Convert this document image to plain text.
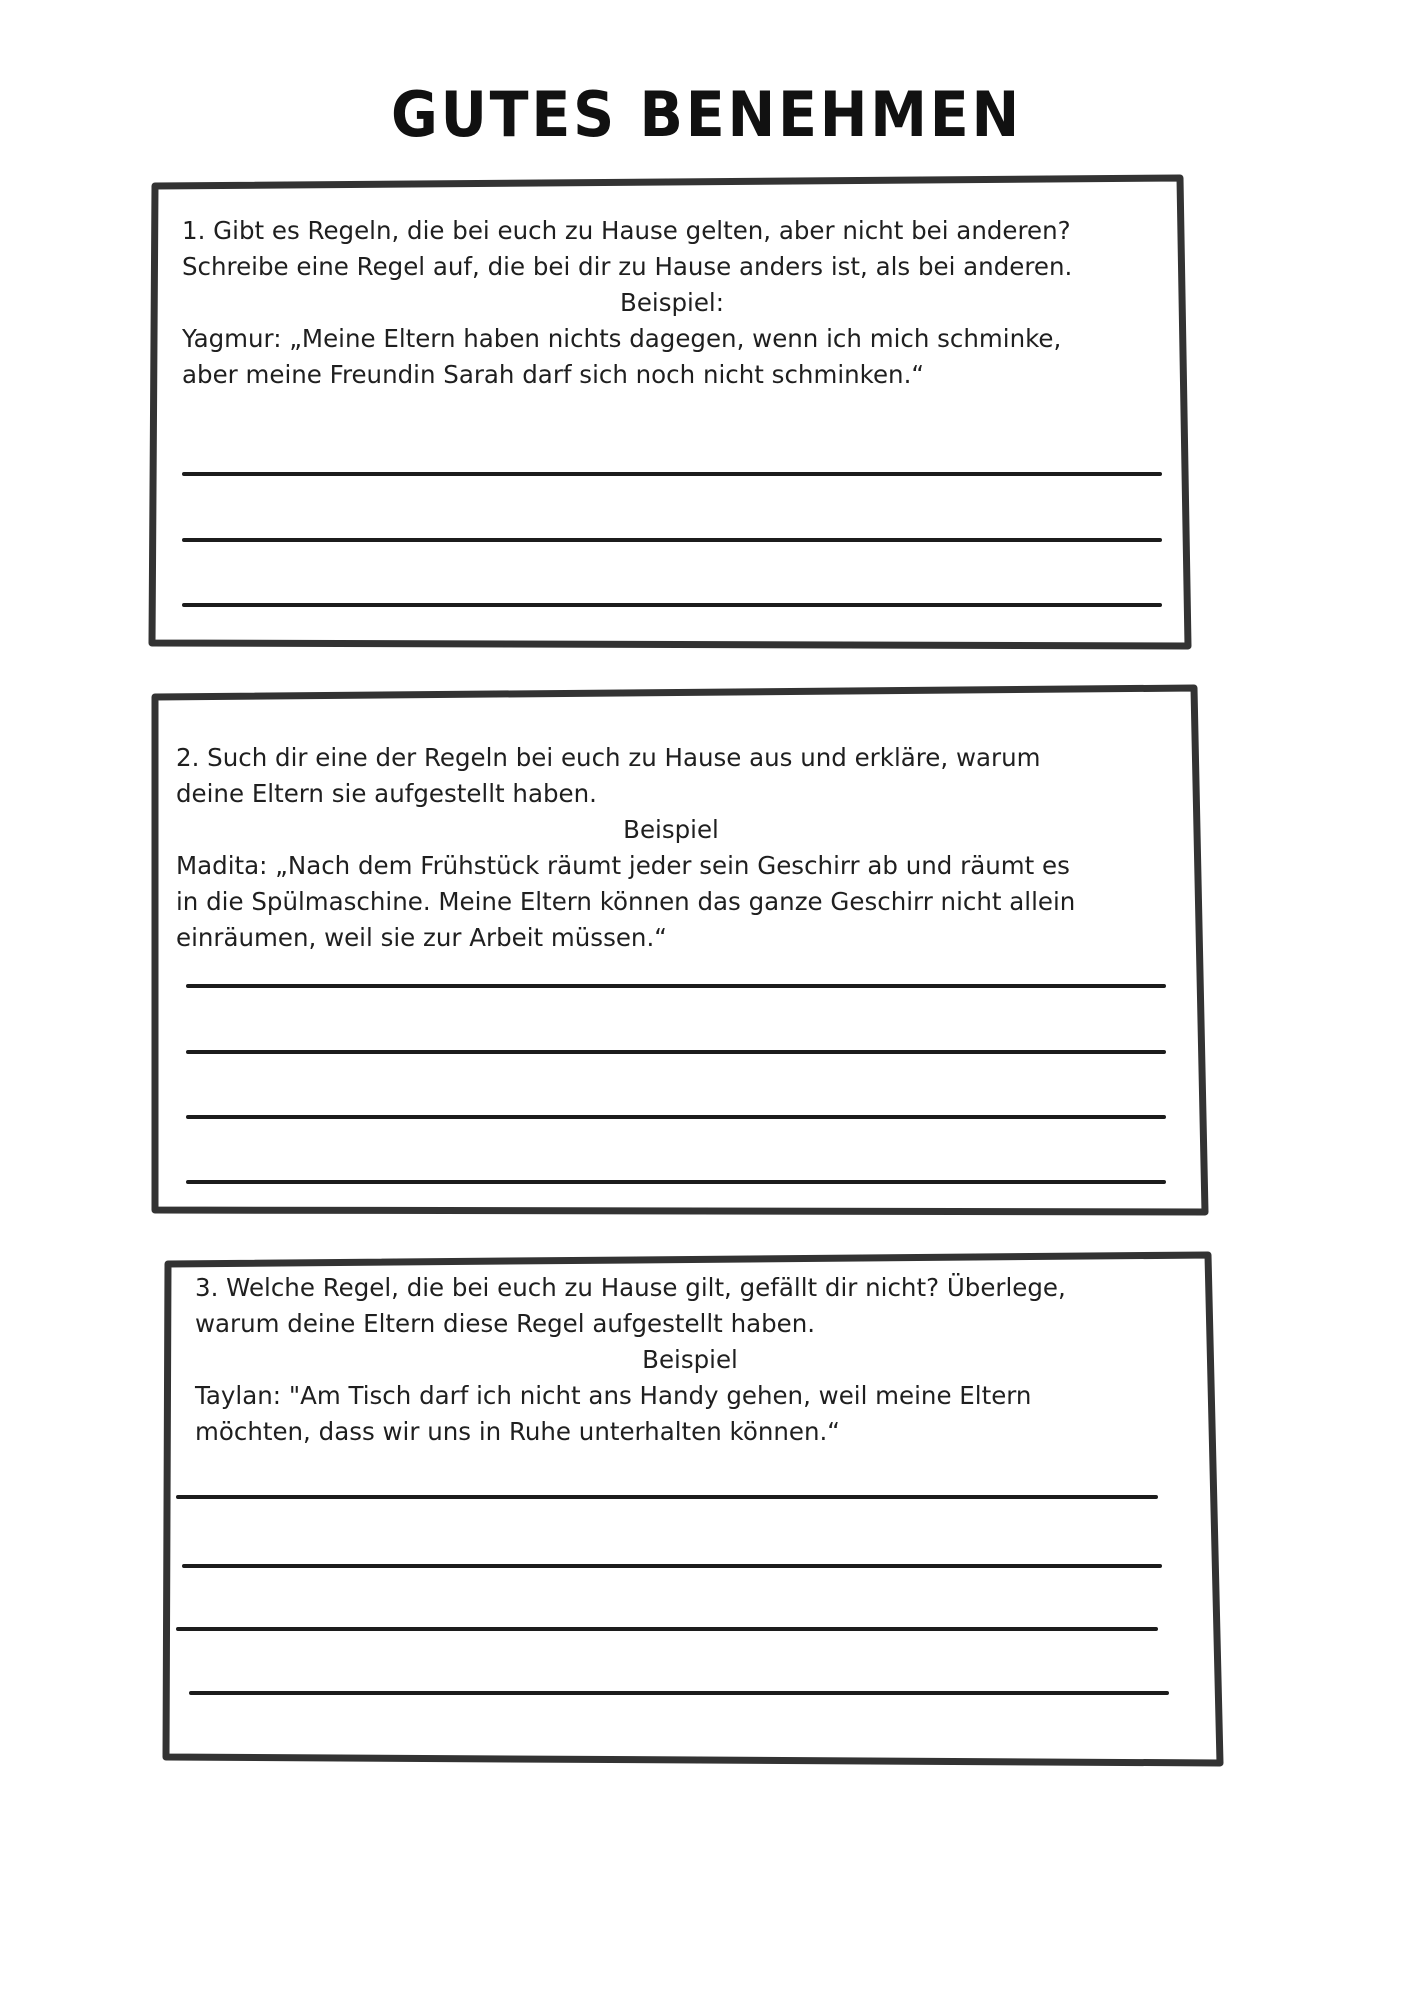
GUTES BENEHMEN
1. Gibt es Regeln, die bei euch zu Hause gelten, aber nicht bei anderen?
Schreibe eine Regel auf, die bei dir zu Hause anders ist, als bei anderen.
Beispiel:
Yagmur: „Meine Eltern haben nichts dagegen, wenn ich mich schminke,
aber meine Freundin Sarah darf sich noch nicht schminken.“
2. Such dir eine der Regeln bei euch zu Hause aus und erkläre, warum
deine Eltern sie aufgestellt haben.
Beispiel
Madita: „Nach dem Frühstück räumt jeder sein Geschirr ab und räumt es
in die Spülmaschine. Meine Eltern können das ganze Geschirr nicht allein
einräumen, weil sie zur Arbeit müssen.“
3. Welche Regel, die bei euch zu Hause gilt, gefällt dir nicht? Überlege,
warum deine Eltern diese Regel aufgestellt haben.
Beispiel
Taylan: "Am Tisch darf ich nicht ans Handy gehen, weil meine Eltern
möchten, dass wir uns in Ruhe unterhalten können.“
